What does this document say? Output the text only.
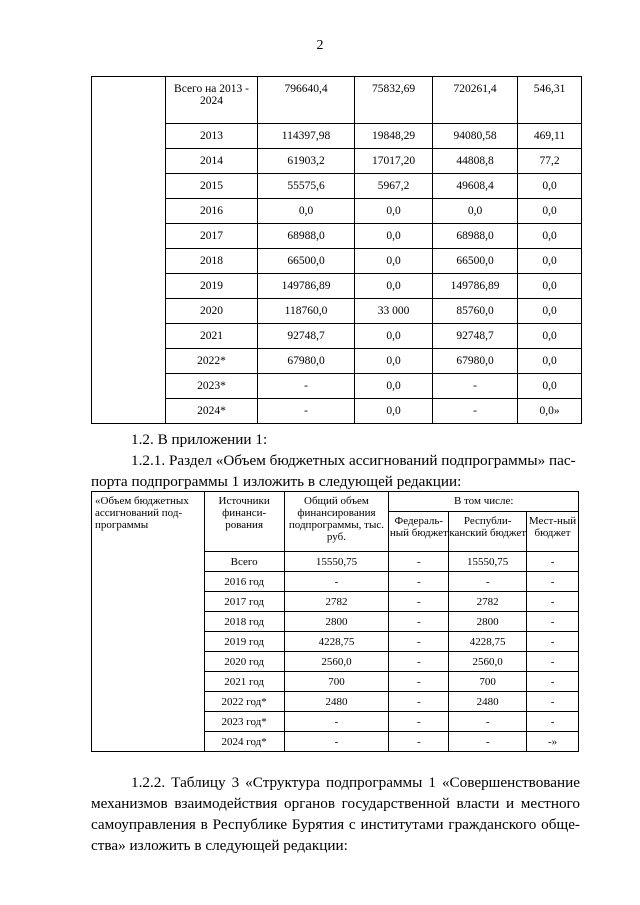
2
	Всего на 2013 - 2024	796640,4	75832,69	720261,4	546,31
	2013	114397,98	19848,29	94080,58	469,11
	2014	61903,2	17017,20	44808,8	77,2
	2015	55575,6	5967,2	49608,4	0,0
	2016	0,0	0,0	0,0	0,0
	2017	68988,0	0,0	68988,0	0,0
	2018	66500,0	0,0	66500,0	0,0
	2019	149786,89	0,0	149786,89	0,0
	2020	118760,0	33 000	85760,0	0,0
	2021	92748,7	0,0	92748,7	0,0
	2022*	67980,0	0,0	67980,0	0,0
	2023*	-	0,0	-	0,0
	2024*	-	0,0	-	0,0»
1.2. В приложении 1:
1.2.1. Раздел «Объем бюджетных ассигнований подпрограммы» пас-
порта подпрограммы 1 изложить в следующей редакции:
«Объем бюджетных ассигнований под-программы	Источники финанси-рования	Общий объем финансирования подпрограммы, тыс. руб.	В том числе:		
			Федераль-ный бюджет	Республи-канский бюджет	Мест-ный бюджет
	Всего	15550,75	-	15550,75	-
	2016 год	-	-	-	-
	2017 год	2782	-	2782	-
	2018 год	2800	-	2800	-
	2019 год	4228,75	-	4228,75	-
	2020 год	2560,0	-	2560,0	-
	2021 год	700	-	700	-
	2022 год*	2480	-	2480	-
	2023 год*	-	-	-	-
	2024 год*	-	-	-	-»
1.2.2. Таблицу 3 «Структура подпрограммы 1 «Совершенствование
механизмов взаимодействия органов государственной власти и местного
самоуправления в Республике Бурятия с институтами гражданского обще-
ства» изложить в следующей редакции:
